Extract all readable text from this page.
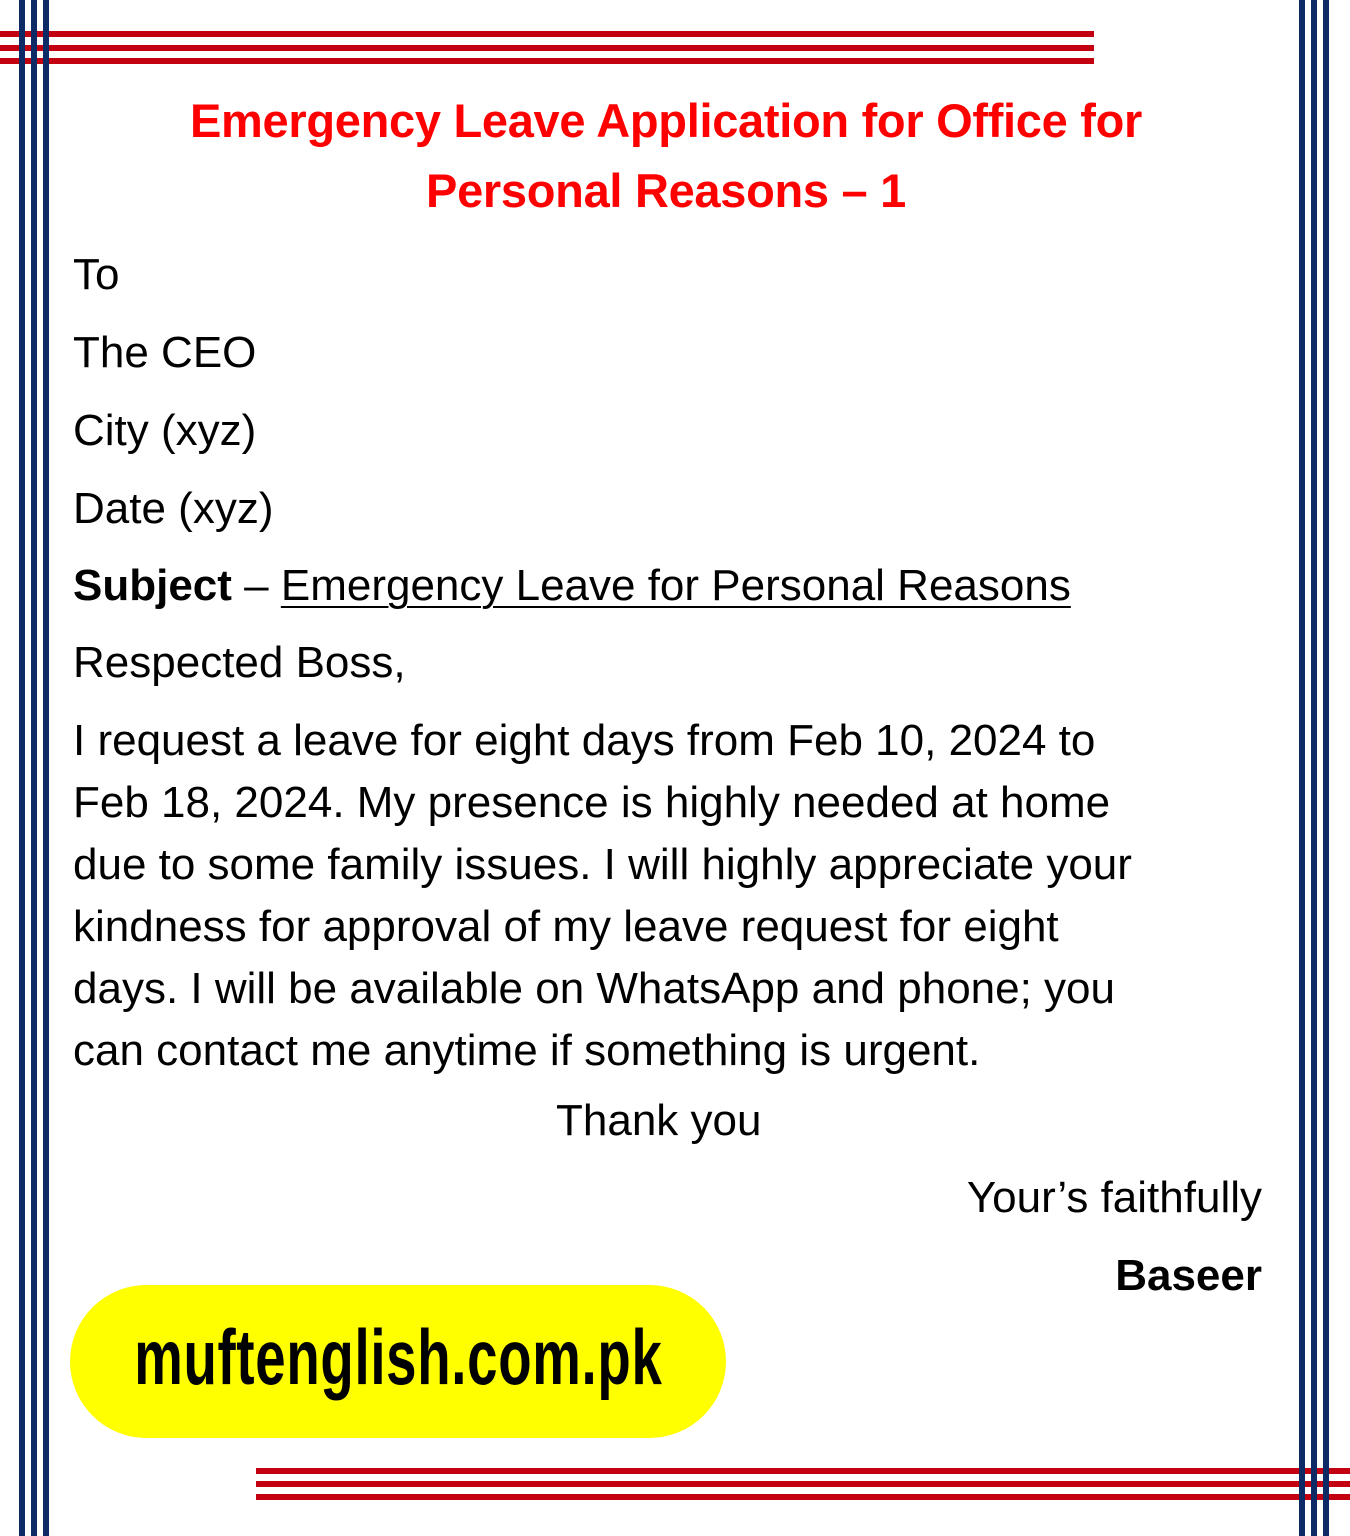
Emergency Leave Application for Office for
Personal Reasons – 1

To

The CEO

City (xyz)

Date (xyz)

Subject – Emergency Leave for Personal Reasons

Respected Boss,

I request a leave for eight days from Feb 10, 2024 to
Feb 18, 2024. My presence is highly needed at home
due to some family issues. I will highly appreciate your
kindness for approval of my leave request for eight
days. I will be available on WhatsApp and phone; you
can contact me anytime if something is urgent.

Thank you

Your’s faithfully

Baseer

muftenglish.com.pk
